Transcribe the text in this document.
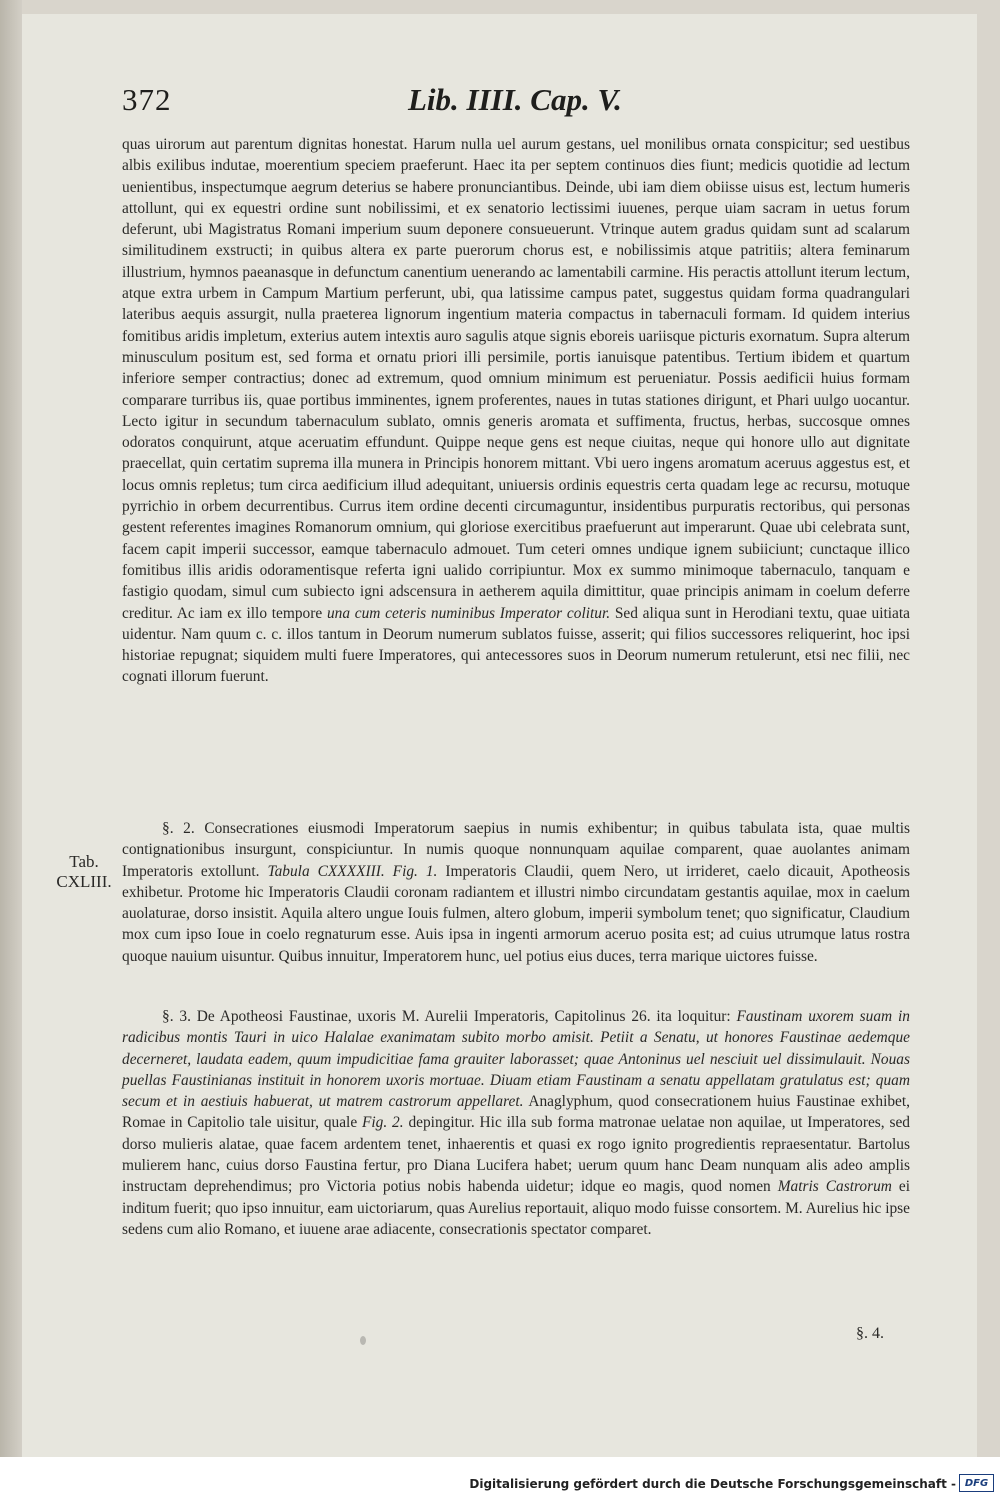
372	Lib. IIII. Cap. V.

quas uirorum aut parentum dignitas honestat. Harum nulla uel aurum gestans, uel monilibus ornata conspicitur; sed uestibus albis exilibus indutae, moerentium speciem praeferunt. Haec ita per septem continuos dies fiunt; medicis quotidie ad lectum uenientibus, inspectumque aegrum deterius se habere pronunciantibus. Deinde, ubi iam diem obiisse uisus est, lectum humeris attollunt, qui ex equestri ordine sunt nobilissimi, et ex senatorio lectissimi iuuenes, perque uiam sacram in uetus forum deferunt, ubi Magistratus Romani imperium suum deponere consueuerunt. Vtrinque autem gradus quidam sunt ad scalarum similitudinem exstructi; in quibus altera ex parte puerorum chorus est, e nobilissimis atque patritiis; altera feminarum illustrium, hymnos paeanasque in defunctum canentium uenerando ac lamentabili carmine. His peractis attollunt iterum lectum, atque extra urbem in Campum Martium perferunt, ubi, qua latissime campus patet, suggestus quidam forma quadrangulari lateribus aequis assurgit, nulla praeterea lignorum ingentium materia compactus in tabernaculi formam. Id quidem interius fomitibus aridis impletum, exterius autem intextis auro sagulis atque signis eboreis uariisque picturis exornatum. Supra alterum minusculum positum est, sed forma et ornatu priori illi persimile, portis ianuisque patentibus. Tertium ibidem et quartum inferiore semper contractius; donec ad extremum, quod omnium minimum est perueniatur. Possis aedificii huius formam comparare turribus iis, quae portibus imminentes, ignem proferentes, naues in tutas stationes dirigunt, et Phari uulgo uocantur. Lecto igitur in secundum tabernaculum sublato, omnis generis aromata et suffimenta, fructus, herbas, succosque omnes odoratos conquirunt, atque aceruatim effundunt. Quippe neque gens est neque ciuitas, neque qui honore ullo aut dignitate praecellat, quin certatim suprema illa munera in Principis honorem mittant. Vbi uero ingens aromatum aceruus aggestus est, et locus omnis repletus; tum circa aedificium illud adequitant, uniuersis ordinis equestris certa quadam lege ac recursu, motuque pyrrichio in orbem decurrentibus. Currus item ordine decenti circumaguntur, insidentibus purpuratis rectoribus, qui personas gestent referentes imagines Romanorum omnium, qui gloriose exercitibus praefuerunt aut imperarunt. Quae ubi celebrata sunt, facem capit imperii successor, eamque tabernaculo admouet. Tum ceteri omnes undique ignem subiiciunt; cunctaque illico fomitibus illis aridis odoramentisque referta igni ualido corripiuntur. Mox ex summo minimoque tabernaculo, tanquam e fastigio quodam, simul cum subiecto igni adscensura in aetherem aquila dimittitur, quae principis animam in coelum deferre creditur. Ac iam ex illo tempore una cum ceteris numinibus Imperator colitur. Sed aliqua sunt in Herodiani textu, quae uitiata uidentur. Nam quum c. c. illos tantum in Deorum numerum sublatos fuisse, asserit; qui filios successores reliquerint, hoc ipsi historiae repugnat; siquidem multi fuere Imperatores, qui antecessores suos in Deorum numerum retulerunt, etsi nec filii, nec cognati illorum fuerunt.

Tab.
CXLIII.

§. 2. Consecrationes eiusmodi Imperatorum saepius in numis exhibentur; in quibus tabulata ista, quae multis contignationibus insurgunt, conspiciuntur. In numis quoque nonnunquam aquilae comparent, quae auolantes animam Imperatoris extollunt. Tabula CXXXXIII. Fig. 1. Imperatoris Claudii, quem Nero, ut irrideret, caelo dicauit, Apotheosis exhibetur. Protome hic Imperatoris Claudii coronam radiantem et illustri nimbo circundatam gestantis aquilae, mox in caelum auolaturae, dorso insistit. Aquila altero ungue Iouis fulmen, altero globum, imperii symbolum tenet; quo significatur, Claudium mox cum ipso Ioue in coelo regnaturum esse. Auis ipsa in ingenti armorum aceruo posita est; ad cuius utrumque latus rostra quoque nauium uisuntur. Quibus innuitur, Imperatorem hunc, uel potius eius duces, terra marique uictores fuisse.

§. 3. De Apotheosi Faustinae, uxoris M. Aurelii Imperatoris, Capitolinus 26. ita loquitur: Faustinam uxorem suam in radicibus montis Tauri in uico Halalae exanimatam subito morbo amisit. Petiit a Senatu, ut honores Faustinae aedemque decerneret, laudata eadem, quum impudicitiae fama grauiter laborasset; quae Antoninus uel nesciuit uel dissimulauit. Nouas puellas Faustinianas instituit in honorem uxoris mortuae. Diuam etiam Faustinam a senatu appellatam gratulatus est; quam secum et in aestiuis habuerat, ut matrem castrorum appellaret. Anaglyphum, quod consecrationem huius Faustinae exhibet, Romae in Capitolio tale uisitur, quale Fig. 2. depingitur. Hic illa sub forma matronae uelatae non aquilae, ut Imperatores, sed dorso mulieris alatae, quae facem ardentem tenet, inhaerentis et quasi ex rogo ignito progredientis repraesentatur. Bartolus mulierem hanc, cuius dorso Faustina fertur, pro Diana Lucifera habet; uerum quum hanc Deam nunquam alis adeo amplis instructam deprehendimus; pro Victoria potius nobis habenda uidetur; idque eo magis, quod nomen Matris Castrorum ei inditum fuerit; quo ipso innuitur, eam uictoriarum, quas Aurelius reportauit, aliquo modo fuisse consortem. M. Aurelius hic ipse sedens cum alio Romano, et iuuene arae adiacente, consecrationis spectator comparet.

§. 4.
Digitalisierung gefördert durch die Deutsche Forschungsgemeinschaft - DFG
